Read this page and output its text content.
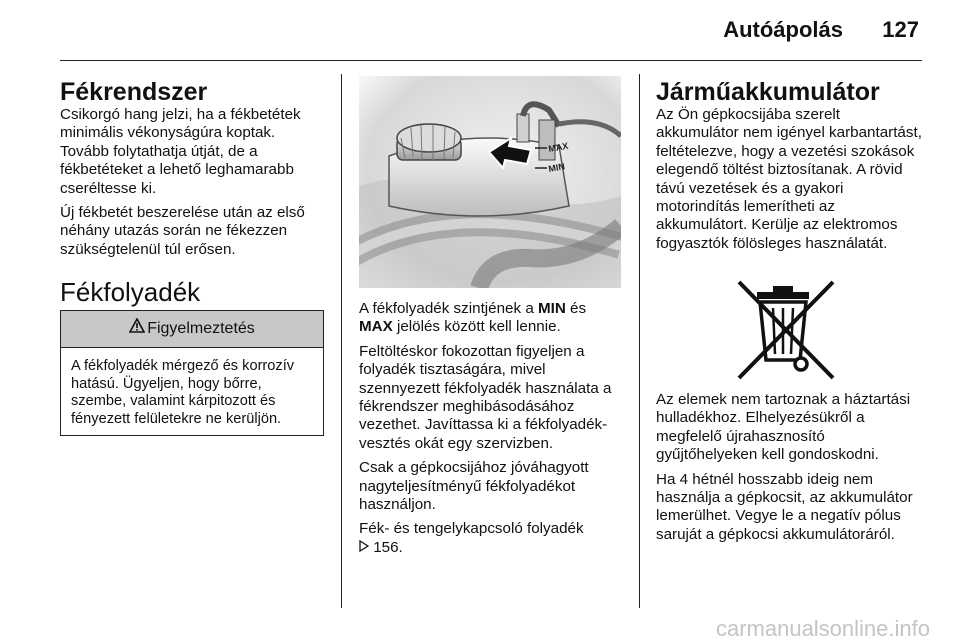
Autóápolás 127
Fékrendszer

Csikorgó hang jelzi, ha a fékbetétek minimális vékonyságúra koptak. Tovább folytathatja útját, de a fékbetéteket a lehető leghamarabb cseréltesse ki.

Új fékbetét beszerelése után az első néhány utazás során ne fékezzen szükségtelenül túl erősen.

Fékfolyadék
Figyelmeztetés
A fékfolyadék mérgező és korrozív hatású. Ügyeljen, hogy bőrre, szembe, valamint kárpitozott és fényezett felületekre ne kerüljön.
MAX
MIN

A fékfolyadék szintjének a MIN és
MAX jelölés között kell lennie.

Feltöltéskor fokozottan figyeljen a folyadék tisztaságára, mivel szennyezett fékfolyadék használata a fékrendszer meghibásodásához vezethet. Javíttassa ki a fékfolyadék-vesztés okát egy szervizben.

Csak a gépkocsijához jóváhagyott nagyteljesítményű fékfolyadékot használjon.

Fék- és tengelykapcsoló folyadék
156.

Járműakkumulátor

Az Ön gépkocsijába szerelt akkumulátor nem igényel karbantartást, feltételezve, hogy a vezetési szokások elegendő töltést biztosítanak. A rövid távú vezetések és a gyakori motorindítás lemerítheti az akkumulátort. Kerülje az elektromos fogyasztók fölösleges használatát.

Az elemek nem tartoznak a háztartási hulladékhoz. Elhelyezésükről a megfelelő újrahasznosító gyűjtőhelyeken kell gondoskodni.

Ha 4 hétnél hosszabb ideig nem használja a gépkocsit, az akkumulátor lemerülhet. Vegye le a negatív pólus saruját a gépkocsi akkumulátoráról.

carmanualsonline.info
